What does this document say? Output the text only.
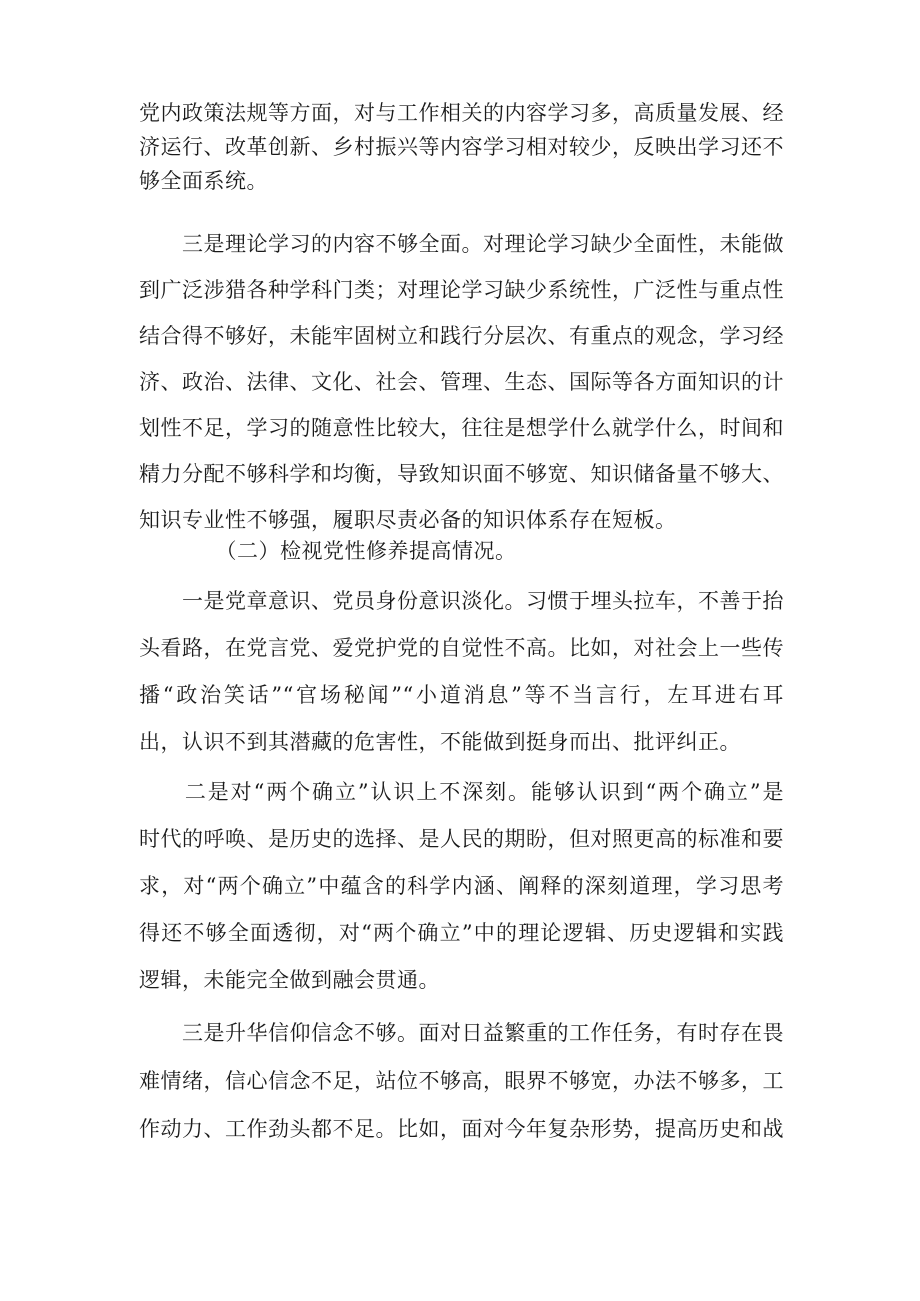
党内政策法规等方面，对与工作相关的内容学习多，高质量发展、经
济运行、改革创新、乡村振兴等内容学习相对较少，反映出学习还不
够全面系统。
　　三是理论学习的内容不够全面。对理论学习缺少全面性，未能做
到广泛涉猎各种学科门类；对理论学习缺少系统性，广泛性与重点性
结合得不够好，未能牢固树立和践行分层次、有重点的观念，学习经
济、政治、法律、文化、社会、管理、生态、国际等各方面知识的计
划性不足，学习的随意性比较大，往往是想学什么就学什么，时间和
精力分配不够科学和均衡，导致知识面不够宽、知识储备量不够大、
知识专业性不够强，履职尽责必备的知识体系存在短板。
　　（二）检视党性修养提高情况。
　　一是党章意识、党员身份意识淡化。习惯于埋头拉车，不善于抬
头看路，在党言党、爱党护党的自觉性不高。比如，对社会上一些传
播“政治笑话”“官场秘闻”“小道消息”等不当言行，左耳进右耳
出，认识不到其潜藏的危害性，不能做到挺身而出、批评纠正。
　　二是对“两个确立”认识上不深刻。能够认识到“两个确立”是
时代的呼唤、是历史的选择、是人民的期盼，但对照更高的标准和要
求，对“两个确立”中蕴含的科学内涵、阐释的深刻道理，学习思考
得还不够全面透彻，对“两个确立”中的理论逻辑、历史逻辑和实践
逻辑，未能完全做到融会贯通。
　　三是升华信仰信念不够。面对日益繁重的工作任务，有时存在畏
难情绪，信心信念不足，站位不够高，眼界不够宽，办法不够多，工
作动力、工作劲头都不足。比如，面对今年复杂形势，提高历史和战
